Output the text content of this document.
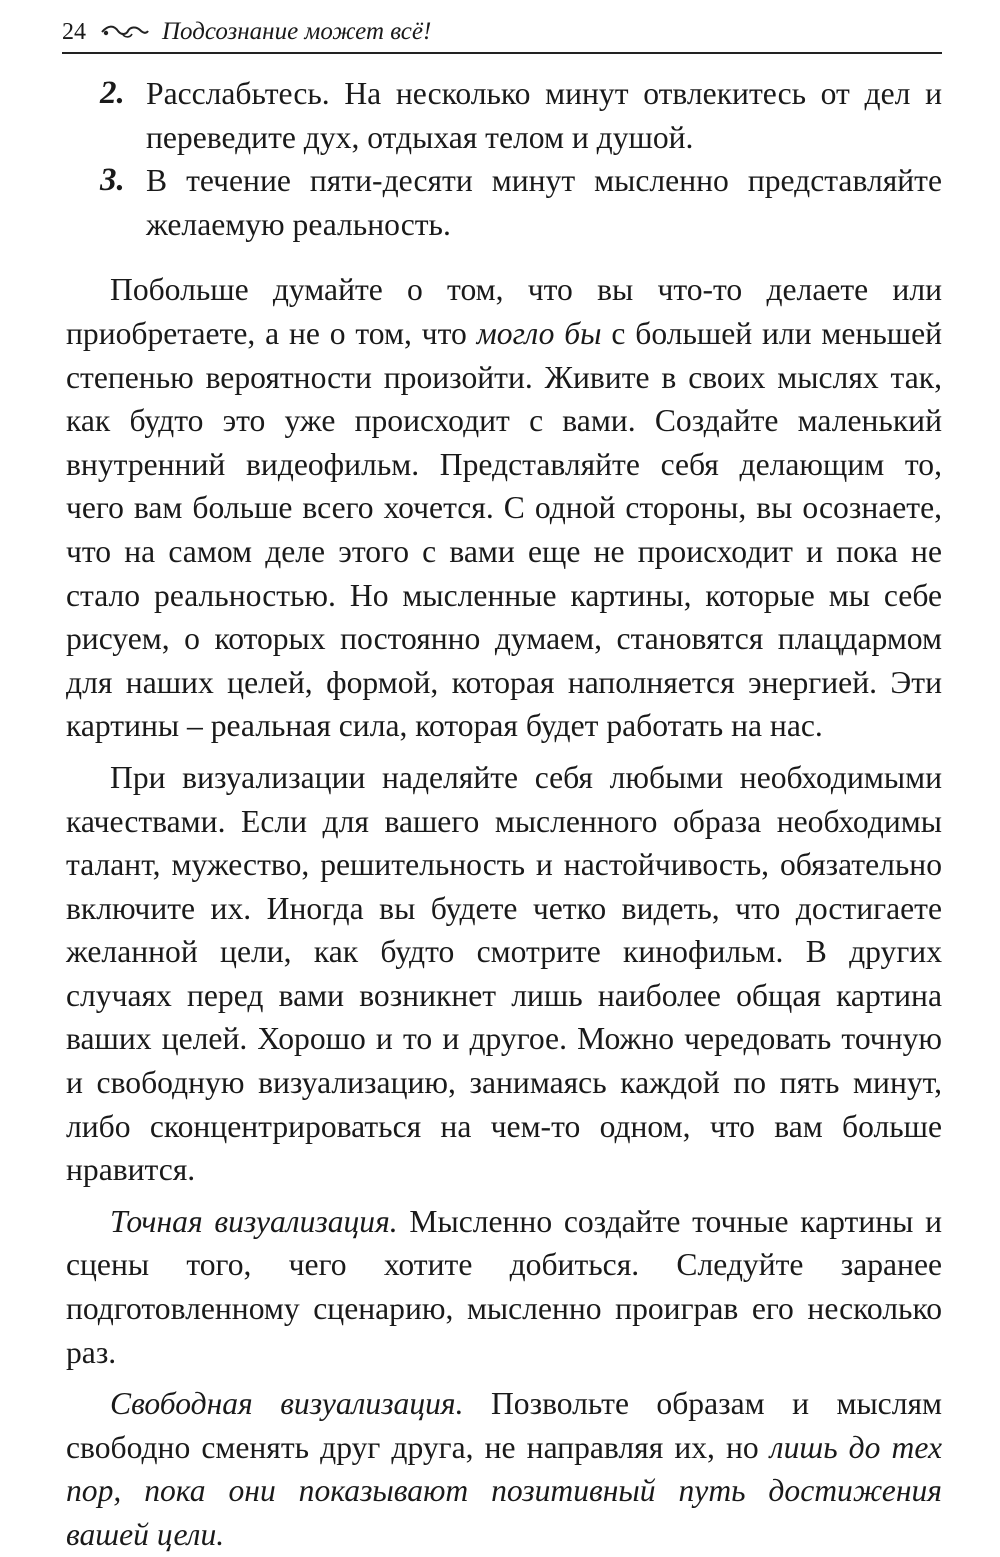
24	Подсознание может всё!
2. Расслабьтесь. На несколько минут отвлекитесь от дел и переведите дух, отдыхая телом и душой.
3. В течение пяти-десяти минут мысленно представляйте желаемую реальность.

Побольше думайте о том, что вы что-то делаете или приобретаете, а не о том, что могло бы с большей или меньшей степенью вероятности произойти. Живите в своих мыслях так, как будто это уже происходит с вами. Создайте маленький внутренний видеофильм. Представляйте себя делающим то, чего вам больше всего хочется. С одной стороны, вы осознаете, что на самом деле этого с вами еще не происходит и пока не стало реальностью. Но мысленные картины, которые мы себе рисуем, о которых постоянно думаем, становятся плацдармом для наших целей, формой, которая наполняется энергией. Эти картины – реальная сила, которая будет работать на нас.

При визуализации наделяйте себя любыми необходимыми качествами. Если для вашего мысленного образа необходимы талант, мужество, решительность и настойчивость, обязательно включите их. Иногда вы будете четко видеть, что достигаете желанной цели, как будто смотрите кинофильм. В других случаях перед вами возникнет лишь наиболее общая картина ваших целей. Хорошо и то и другое. Можно чередовать точную и свободную визуализацию, занимаясь каждой по пять минут, либо сконцентрироваться на чем-то одном, что вам больше нравится.

Точная визуализация. Мысленно создайте точные картины и сцены того, чего хотите добиться. Следуйте заранее подготовленному сценарию, мысленно проиграв его несколько раз.

Свободная визуализация. Позвольте образам и мыслям свободно сменять друг друга, не направляя их, но лишь до тех пор, пока они показывают позитивный путь достижения вашей цели.
